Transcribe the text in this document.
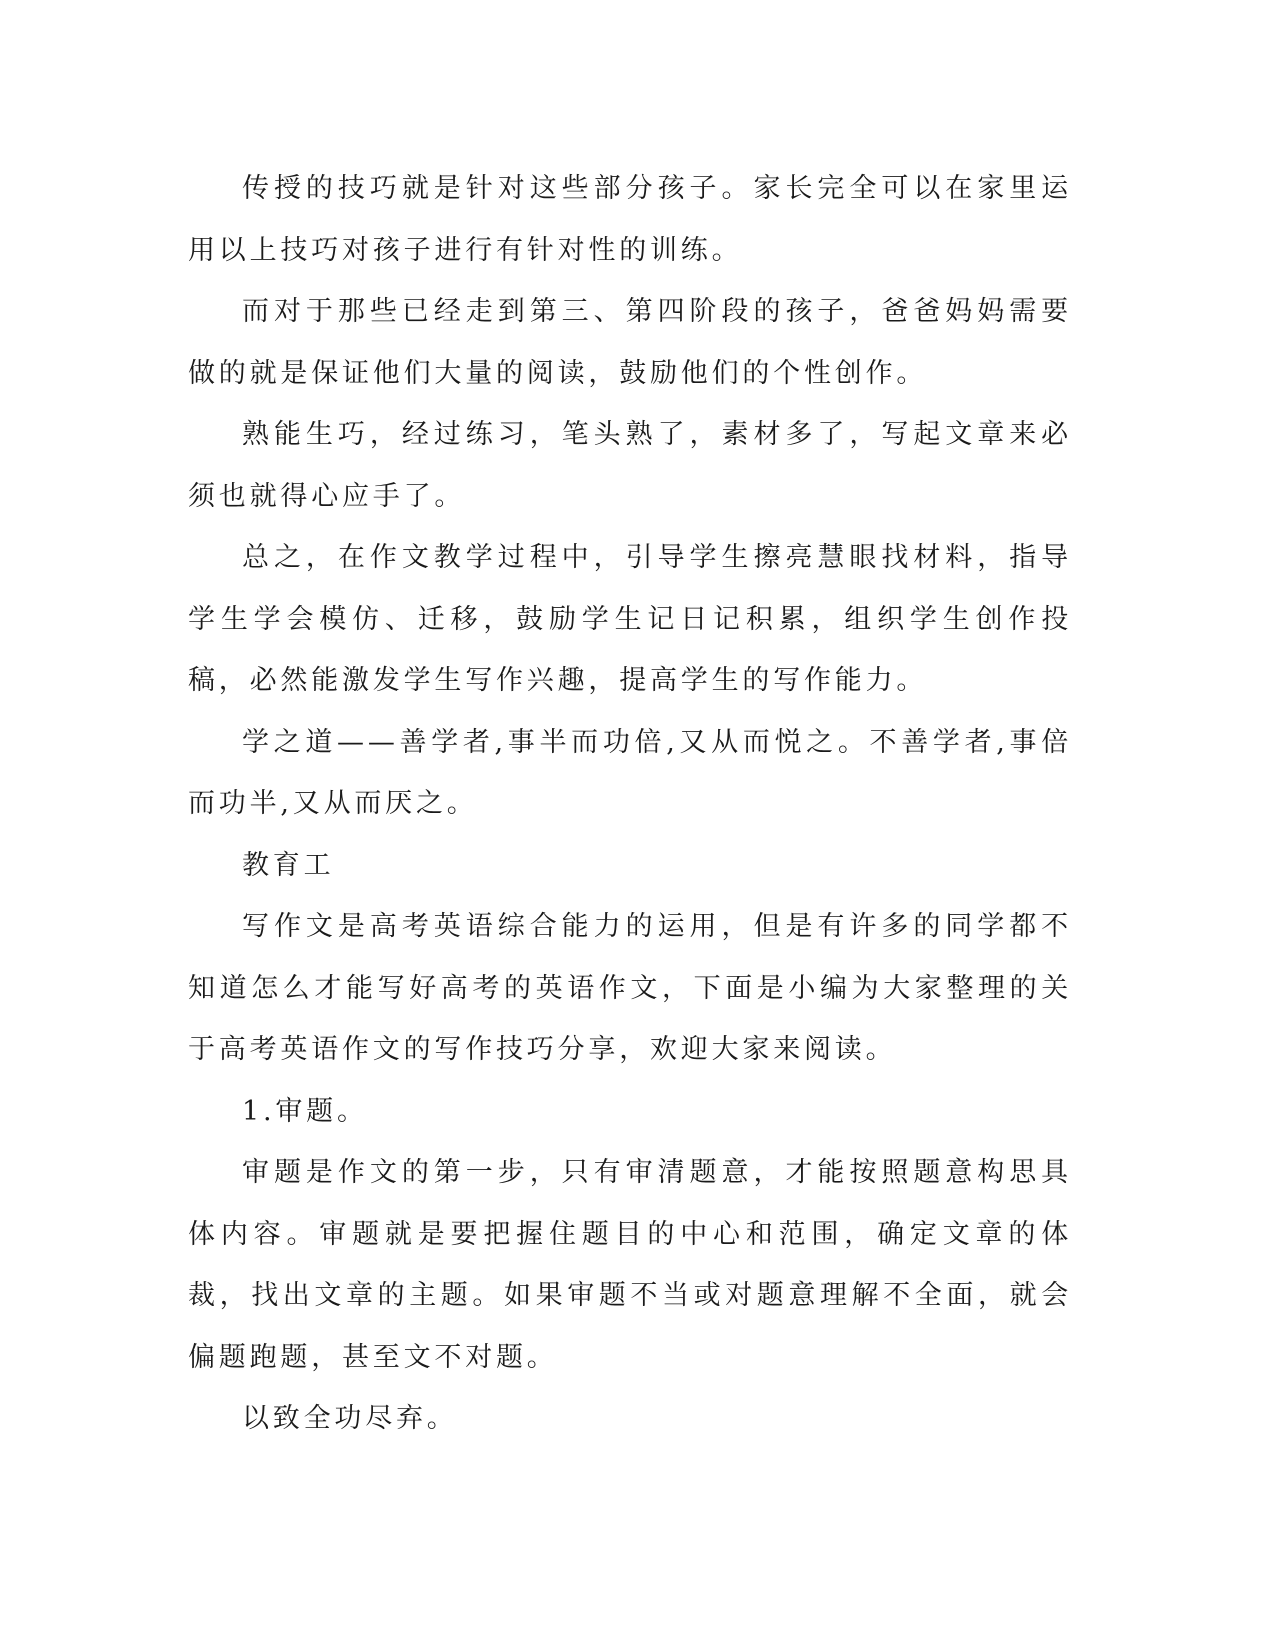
传授的技巧就是针对这些部分孩子。家长完全可以在家里运用以上技巧对孩子进行有针对性的训练。

而对于那些已经走到第三、第四阶段的孩子，爸爸妈妈需要做的就是保证他们大量的阅读，鼓励他们的个性创作。

熟能生巧，经过练习，笔头熟了，素材多了，写起文章来必须也就得心应手了。

总之，在作文教学过程中，引导学生擦亮慧眼找材料，指导学生学会模仿、迁移，鼓励学生记日记积累，组织学生创作投稿，必然能激发学生写作兴趣，提高学生的写作能力。

学之道——善学者,事半而功倍,又从而悦之。不善学者,事倍而功半,又从而厌之。

教育工

写作文是高考英语综合能力的运用，但是有许多的同学都不知道怎么才能写好高考的英语作文，下面是小编为大家整理的关于高考英语作文的写作技巧分享，欢迎大家来阅读。

1.审题。

审题是作文的第一步，只有审清题意，才能按照题意构思具体内容。审题就是要把握住题目的中心和范围，确定文章的体裁，找出文章的主题。如果审题不当或对题意理解不全面，就会偏题跑题，甚至文不对题。

以致全功尽弃。
